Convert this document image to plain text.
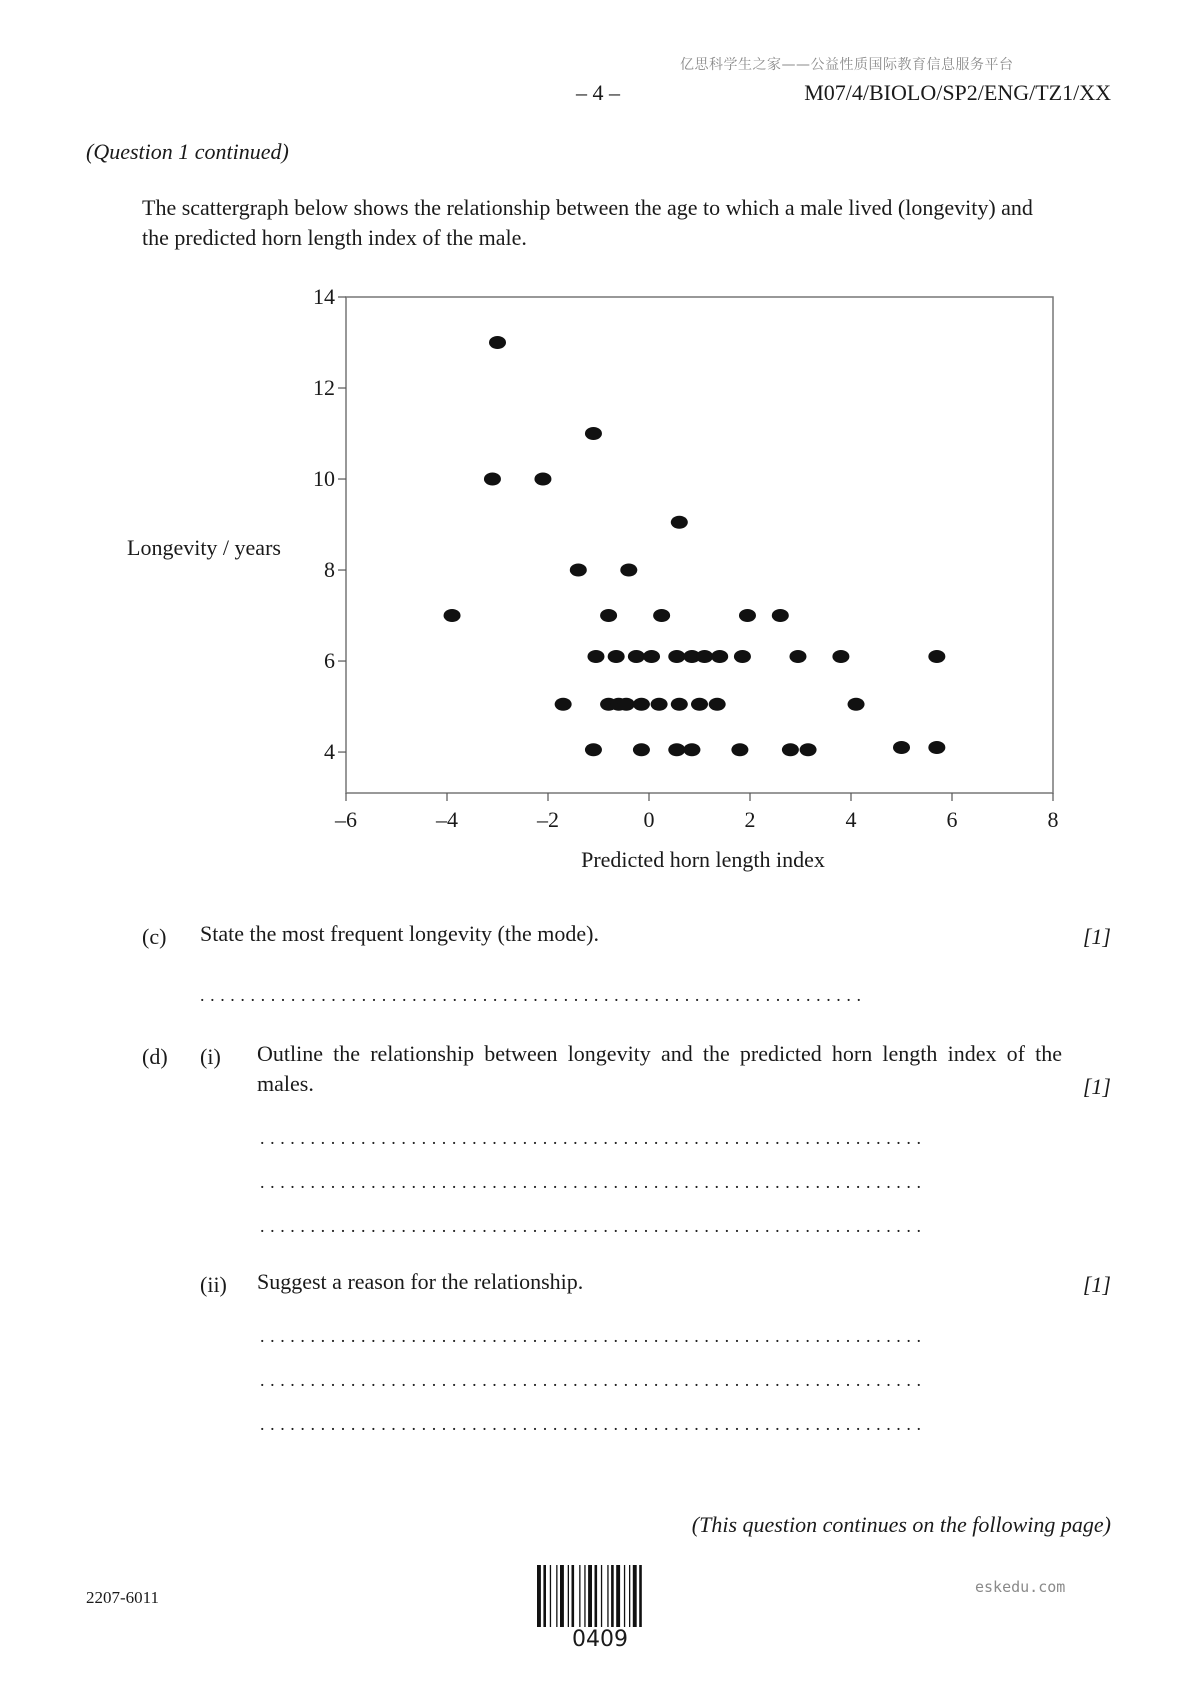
亿思科学生之家——公益性质国际教育信息服务平台
– 4 –	M07/4/BIOLO/SP2/ENG/TZ1/XX
(Question 1 continued)
The scattergraph below shows the relationship between the age to which a male lived (longevity) and the predicted horn length index of the male.
Longevity / years
4
6
8
10
12
14
–6	–4	–2	0	2	4	6	8
Predicted horn length index
(c) State the most frequent longevity (the mode).	[1]
..................................................................
(d) (i) Outline the relationship between longevity and the predicted horn length index of the males.	[1]
..................................................................
..................................................................
..................................................................
(ii) Suggest a reason for the relationship.	[1]
..................................................................
..................................................................
..................................................................
(This question continues on the following page)
2207-6011
0409
eskedu.com
